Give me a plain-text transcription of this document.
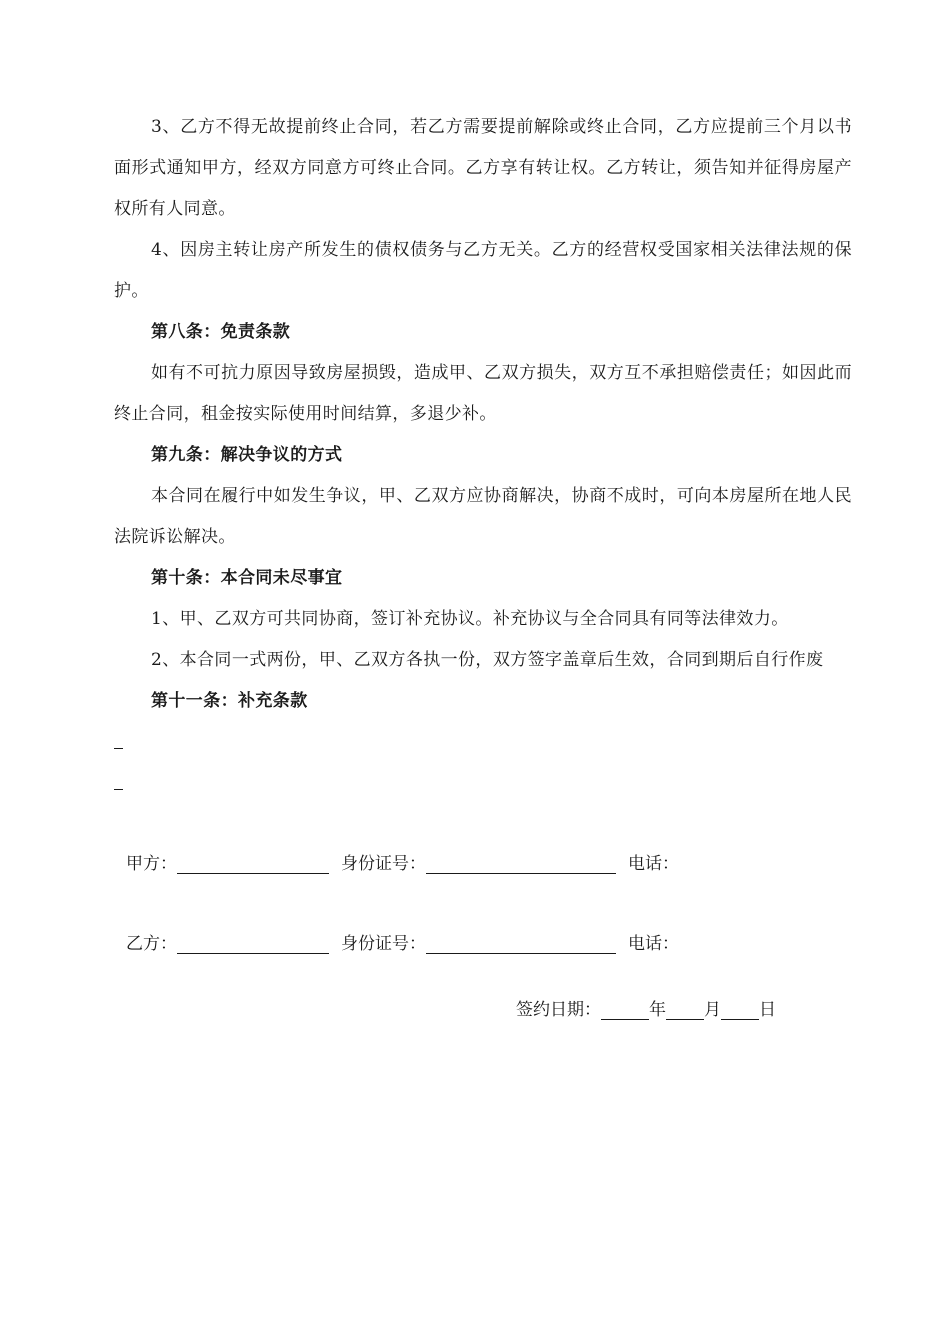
3、乙方不得无故提前终止合同，若乙方需要提前解除或终止合同，乙方应提前三个月以书面形式通知甲方，经双方同意方可终止合同。乙方享有转让权。乙方转让，须告知并征得房屋产权所有人同意。

4、因房主转让房产所发生的债权债务与乙方无关。乙方的经营权受国家相关法律法规的保护。

第八条：免责条款

如有不可抗力原因导致房屋损毁，造成甲、乙双方损失，双方互不承担赔偿责任；如因此而终止合同，租金按实际使用时间结算，多退少补。

第九条：解决争议的方式

本合同在履行中如发生争议，甲、乙双方应协商解决，协商不成时，可向本房屋所在地人民法院诉讼解决。

第十条：本合同未尽事宜

1、甲、乙双方可共同协商，签订补充协议。补充协议与全合同具有同等法律效力。

2、本合同一式两份，甲、乙双方各执一份，双方签字盖章后生效，合同到期后自行作废

第十一条：补充条款

甲方：	身份证号：	电话：
乙方：	身份证号：	电话：
签约日期：	年 月 日
